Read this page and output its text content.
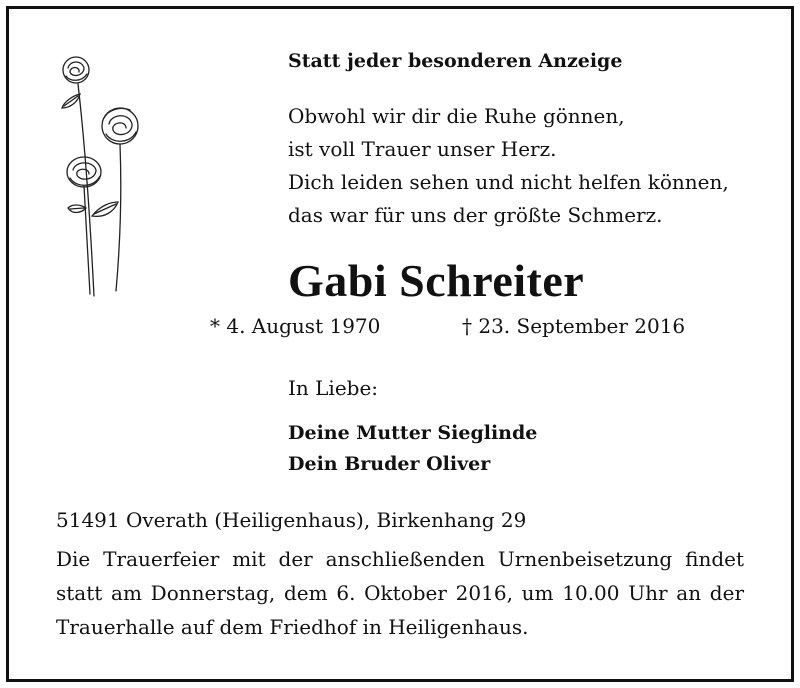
Statt jeder besonderen Anzeige
Obwohl wir dir die Ruhe gönnen,
ist voll Trauer unser Herz.
Dich leiden sehen und nicht helfen können,
das war für uns der größte Schmerz.
Gabi Schreiter
* 4. August 1970	† 23. September 2016
In Liebe:
Deine Mutter Sieglinde
Dein Bruder Oliver
51491 Overath (Heiligenhaus), Birkenhang 29
Die Trauerfeier mit der anschließenden Urnenbeisetzung findet statt am Donnerstag, dem 6. Oktober 2016, um 10.00 Uhr an der Trauerhalle auf dem Friedhof in Heiligenhaus.
